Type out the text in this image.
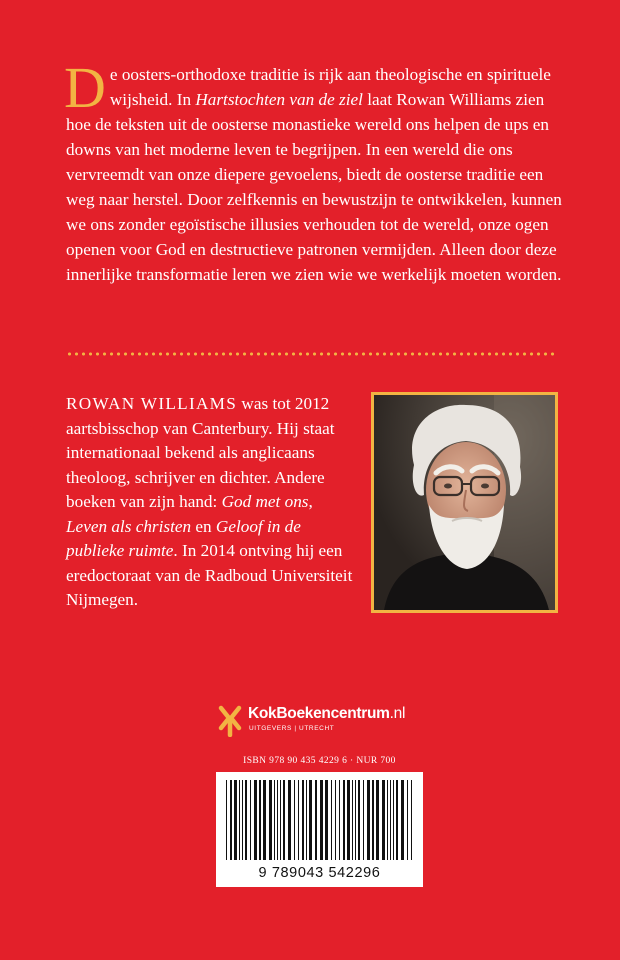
De oosters-orthodoxe traditie is rijk aan theologische en spirituele wijsheid. In Hartstochten van de ziel laat Rowan Williams zien hoe de teksten uit de oosterse monastieke wereld ons helpen de ups en downs van het moderne leven te begrijpen. In een wereld die ons vervreemdt van onze diepere gevoelens, biedt de oosterse traditie een weg naar herstel. Door zelfkennis en bewustzijn te ontwikkelen, kunnen we ons zonder egoïstische illusies verhouden tot de wereld, onze ogen openen voor God en destructieve patronen vermijden. Alleen door deze innerlijke transformatie leren we zien wie we werkelijk moeten worden.

ROWAN WILLIAMS was tot 2012 aartsbisschop van Canterbury. Hij staat internationaal bekend als anglicaans theoloog, schrijver en dichter. Andere boeken van zijn hand: God met ons, Leven als christen en Geloof in de publieke ruimte. In 2014 ontving hij een eredoctoraat van de Radboud Universiteit Nijmegen.

KokBoekencentrum.nl
UITGEVERS | UTRECHT
ISBN 978 90 435 4229 6 · NUR 700
9 789043 542296
